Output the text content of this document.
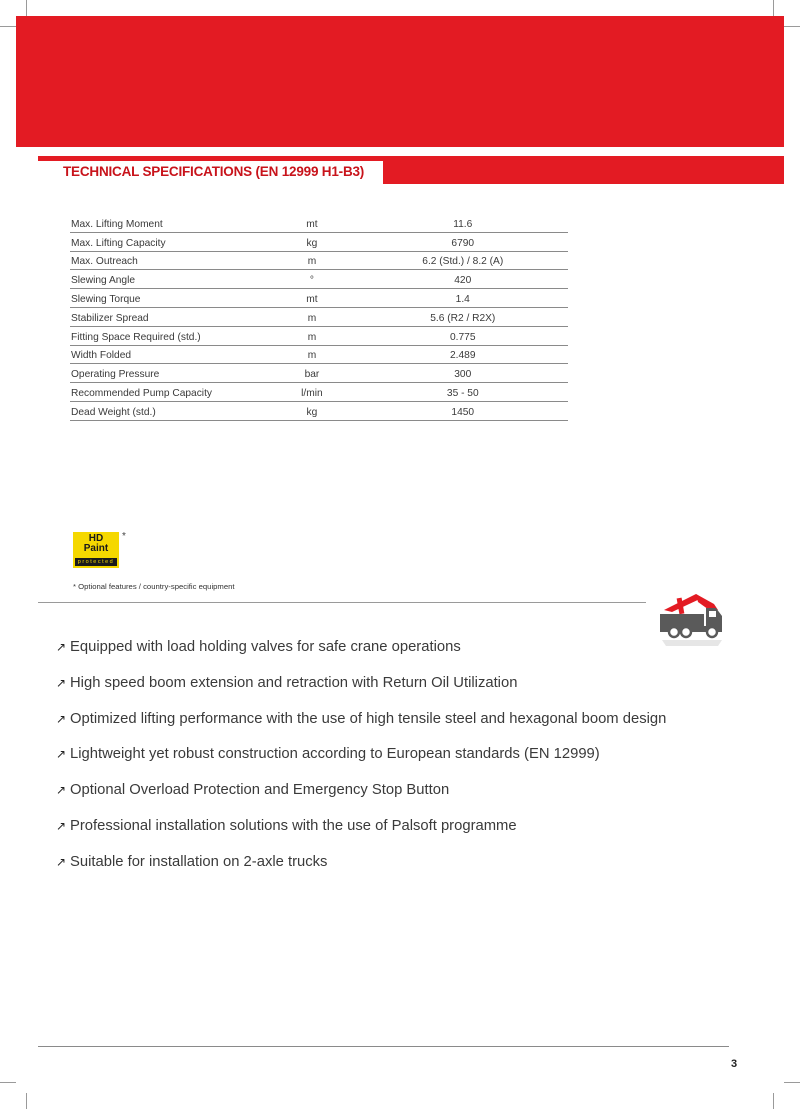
TECHNICAL SPECIFICATIONS (EN 12999 H1-B3)
Max. Lifting Moment	mt	11.6
Max. Lifting Capacity	kg	6790
Max. Outreach	m	6.2 (Std.) / 8.2 (A)
Slewing Angle	°	420
Slewing Torque	mt	1.4
Stabilizer Spread	m	5.6 (R2 / R2X)
Fitting Space Required (std.)	m	0.775
Width Folded	m	2.489
Operating Pressure	bar	300
Recommended Pump Capacity	l/min	35 - 50
Dead Weight (std.)	kg	1450
HD
Paint
protected
*
* Optional features / country-specific equipment
↗ Equipped with load holding valves for safe crane operations
↗ High speed boom extension and retraction with Return Oil Utilization
↗ Optimized lifting performance with the use of high tensile steel and hexagonal boom design
↗ Lightweight yet robust construction according to European standards (EN 12999)
↗ Optional Overload Protection and Emergency Stop Button
↗ Professional installation solutions with the use of Palsoft programme
↗ Suitable for installation on 2-axle trucks
3
